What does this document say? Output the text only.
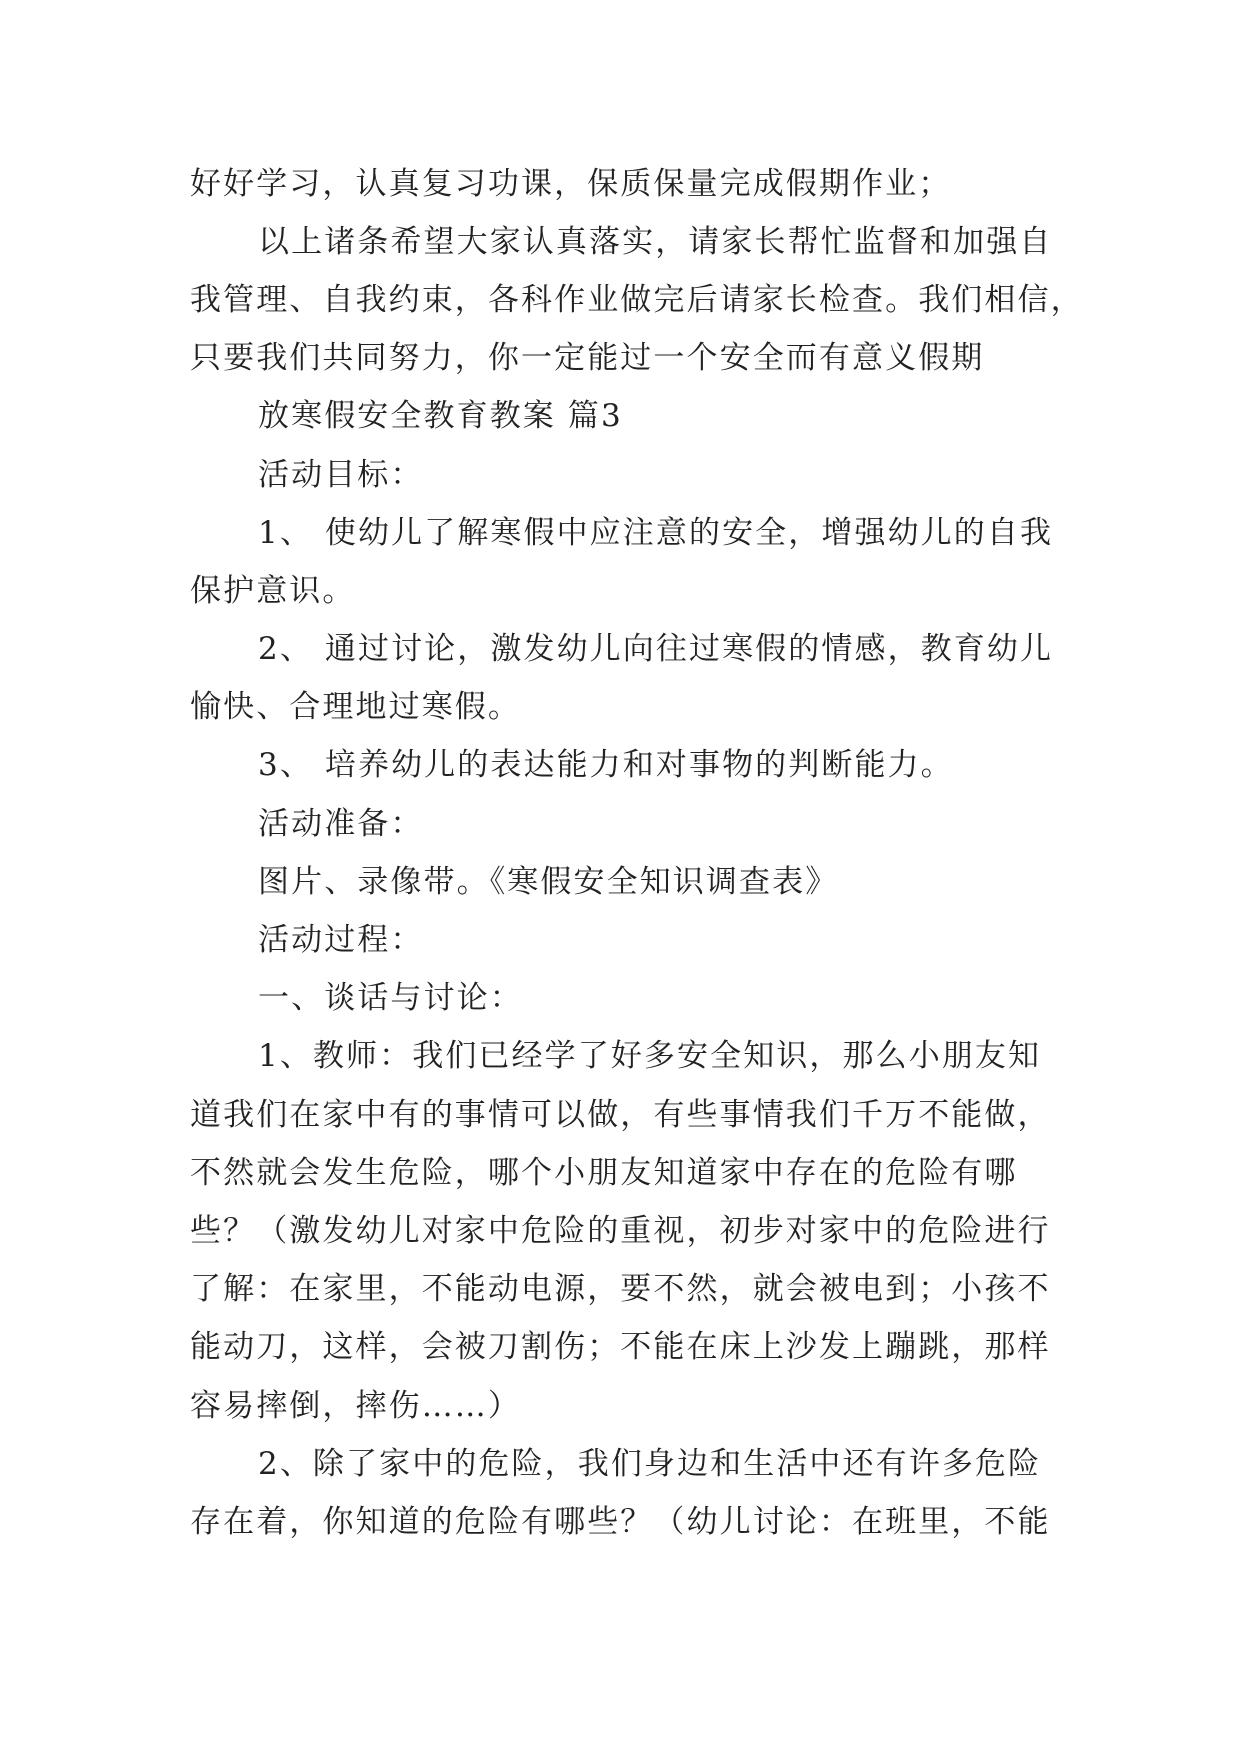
好好学习，认真复习功课，保质保量完成假期作业；
以上诸条希望大家认真落实，请家长帮忙监督和加强自
我管理、自我约束，各科作业做完后请家长检查。我们相信，
只要我们共同努力，你一定能过一个安全而有意义假期
放寒假安全教育教案 篇3
活动目标：
1、 使幼儿了解寒假中应注意的安全，增强幼儿的自我
保护意识。
2、 通过讨论，激发幼儿向往过寒假的情感，教育幼儿
愉快、合理地过寒假。
3、 培养幼儿的表达能力和对事物的判断能力。
活动准备：
图片、录像带。《寒假安全知识调查表》
活动过程：
一、谈话与讨论：
1、教师：我们已经学了好多安全知识，那么小朋友知
道我们在家中有的事情可以做，有些事情我们千万不能做，
不然就会发生危险，哪个小朋友知道家中存在的危险有哪
些？（激发幼儿对家中危险的重视，初步对家中的危险进行
了解：在家里，不能动电源，要不然，就会被电到；小孩不
能动刀，这样，会被刀割伤；不能在床上沙发上蹦跳，那样
容易摔倒，摔伤……）
2、除了家中的危险，我们身边和生活中还有许多危险
存在着，你知道的危险有哪些？（幼儿讨论：在班里，不能
